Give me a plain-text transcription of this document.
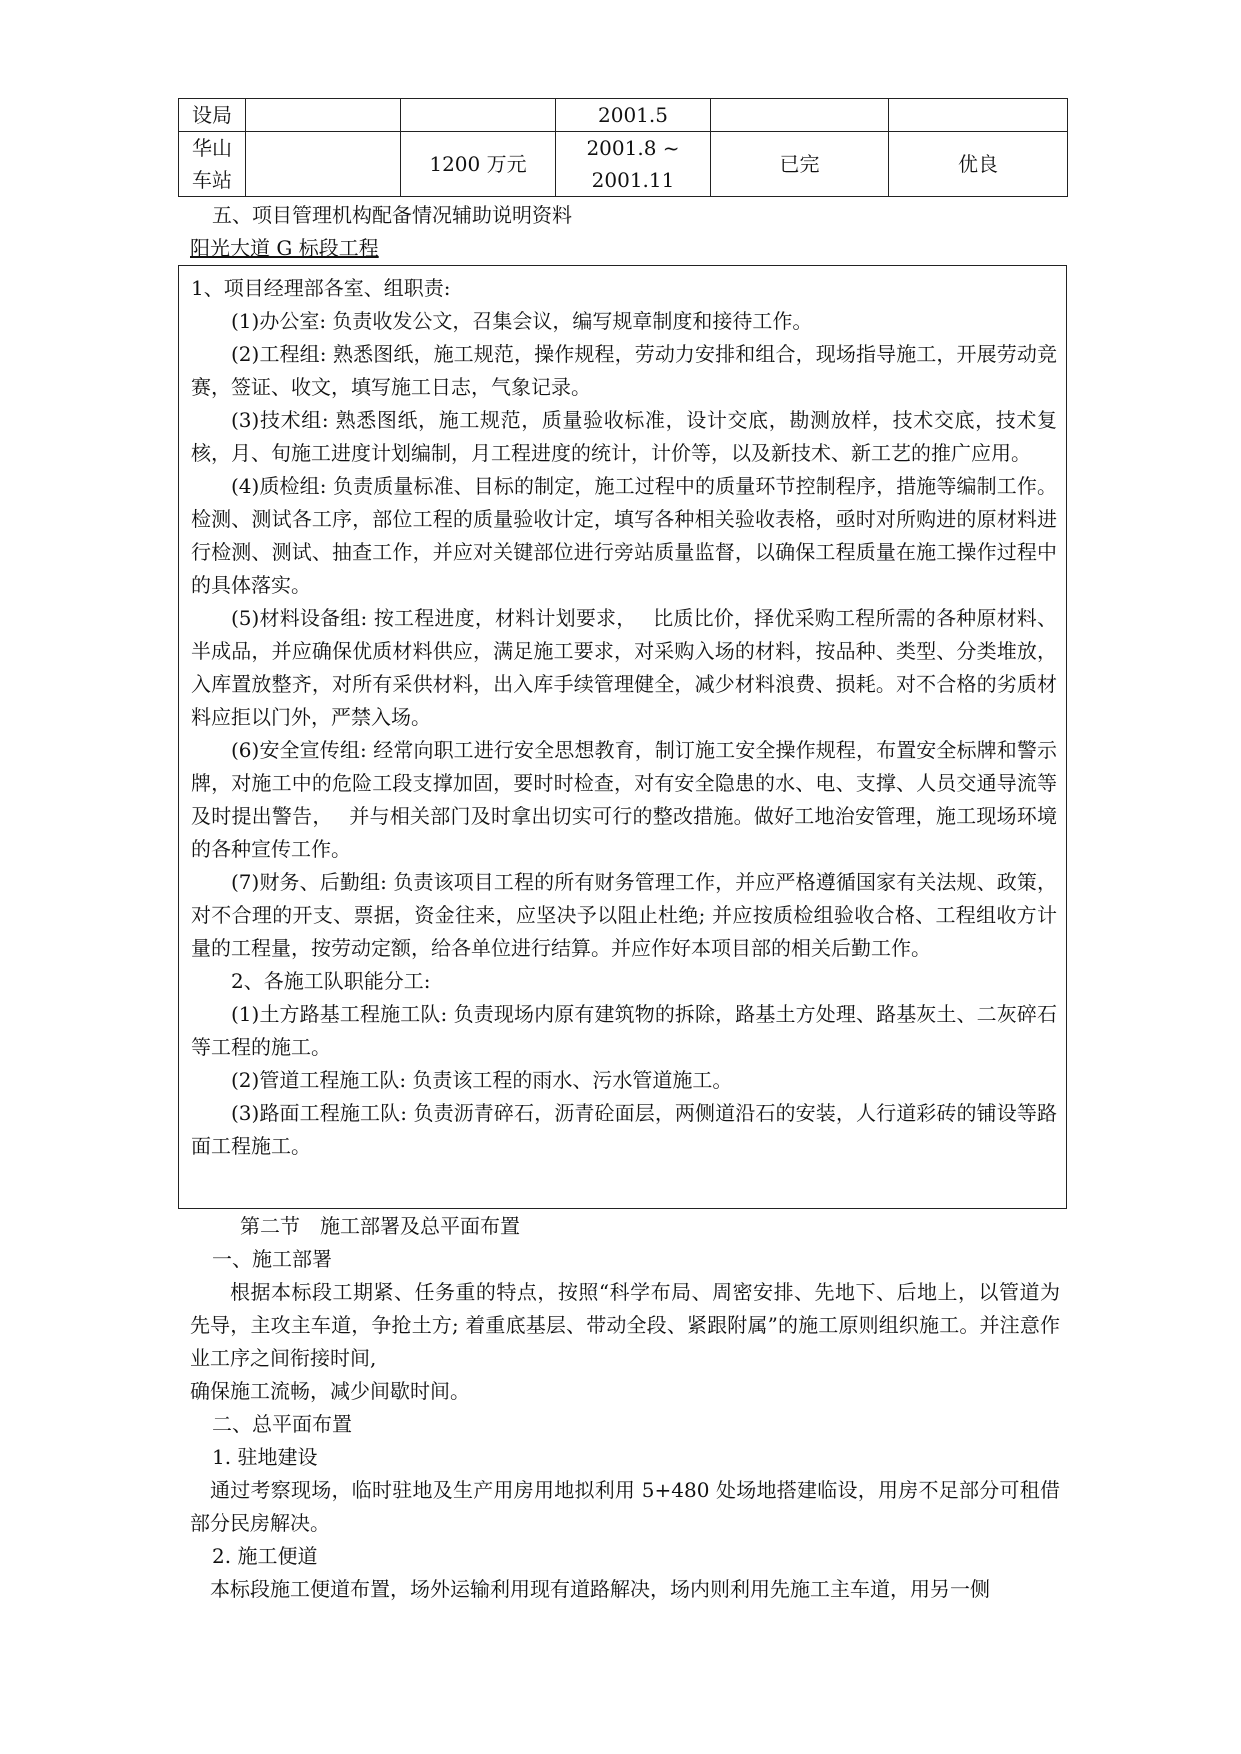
设局			2001.5		
华山车站		1200 万元	2001.8 ~ 2001.11	已完	优良
五、项目管理机构配备情况辅助说明资料
阳光大道 G 标段工程

1、项目经理部各室、组职责:

(1)办公室: 负责收发公文，召集会议，编写规章制度和接待工作。

(2)工程组: 熟悉图纸，施工规范，操作规程，劳动力安排和组合，现场指导施工，开展劳动竞赛，签证、收文，填写施工日志，气象记录。

(3)技术组: 熟悉图纸，施工规范，质量验收标准，设计交底，勘测放样，技术交底，技术复核，月、旬施工进度计划编制，月工程进度的统计，计价等，以及新技术、新工艺的推广应用。

(4)质检组: 负责质量标准、目标的制定，施工过程中的质量环节控制程序，措施等编制工作。检测、测试各工序，部位工程的质量验收计定，填写各种相关验收表格，亟时对所购进的原材料进行检测、测试、抽查工作，并应对关键部位进行旁站质量监督，以确保工程质量在施工操作过程中的具体落实。

(5)材料设备组: 按工程进度，材料计划要求，　 比质比价，择优采购工程所需的各种原材料、半成品，并应确保优质材料供应，满足施工要求，对采购入场的材料，按品种、类型、分类堆放，入库置放整齐，对所有采供材料，出入库手续管理健全，减少材料浪费、损耗。对不合格的劣质材料应拒以门外，严禁入场。

(6)安全宣传组: 经常向职工进行安全思想教育，制订施工安全操作规程，布置安全标牌和警示牌，对施工中的危险工段支撑加固，要时时检查，对有安全隐患的水、电、支撑、人员交通导流等及时提出警告，　 并与相关部门及时拿出切实可行的整改措施。做好工地治安管理，施工现场环境的各种宣传工作。

(7)财务、后勤组: 负责该项目工程的所有财务管理工作，并应严格遵循国家有关法规、政策，对不合理的开支、票据，资金往来，应坚决予以阻止杜绝; 并应按质检组验收合格、工程组收方计量的工程量，按劳动定额，给各单位进行结算。并应作好本项目部的相关后勤工作。

2、各施工队职能分工:

(1)土方路基工程施工队: 负责现场内原有建筑物的拆除，路基土方处理、路基灰土、二灰碎石等工程的施工。

(2)管道工程施工队: 负责该工程的雨水、污水管道施工。

(3)路面工程施工队: 负责沥青碎石，沥青砼面层，两侧道沿石的安装，人行道彩砖的铺设等路面工程施工。

第二节　施工部署及总平面布置
一、施工部署

根据本标段工期紧、任务重的特点，按照“科学布局、周密安排、先地下、后地上，以管道为先导，主攻主车道，争抢土方; 着重底基层、带动全段、紧跟附属”的施工原则组织施工。并注意作业工序之间衔接时间,

确保施工流畅，减少间歇时间。
二、总平面布置
1. 驻地建设

通过考察现场，临时驻地及生产用房用地拟利用 5+480 处场地搭建临设，用房不足部分可租借部分民房解决。

2. 施工便道

本标段施工便道布置，场外运输利用现有道路解决，场内则利用先施工主车道，用另一侧
